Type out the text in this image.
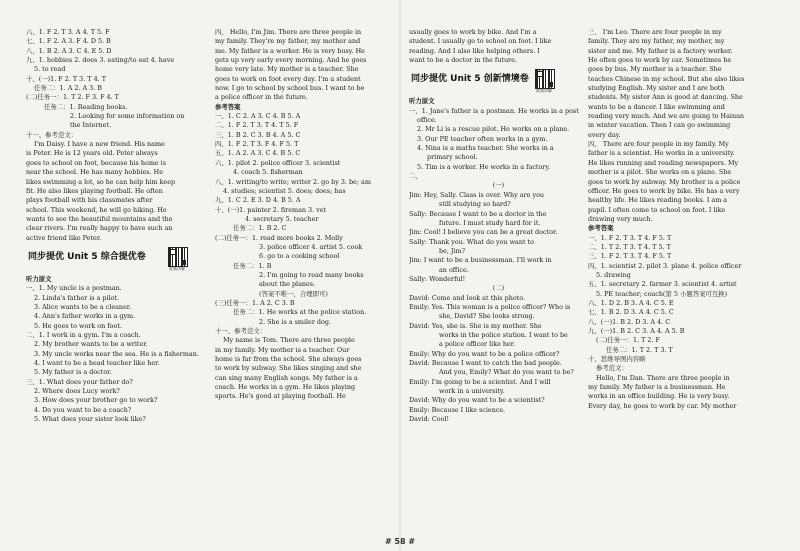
六、1. F 2. T 3. A 4. T 5. F
七、1. F 2. A 3. F 4. D 5. B
八、1. B 2. A 3. C 4. E 5. D
九、1. hobbies 2. does 3. eating/to eat 4. have
5. to read
十、(一)1. F 2. T 3. T 4. T
任务二：1. A 2. A 3. B
(二)任务一：1. T 2. F 3. F 4. T
任务二：1. Reading books.
2. Looking for some information on
the Internet.
十一、参考范文：
I'm Daisy. I have a new friend. His name
is Peter. He is 12 years old. Peter always
goes to school on foot, because his home is
near the school. He has many hobbies. He
likes swimming a lot, so he can help him keep
fit. He also likes playing football. He often
plays football with his classmates after
school. This weekend, he will go hiking. He
wants to see the beautiful mountains and the
clear rivers. I'm really happy to have such an
active friend like Peter.
同步提优 Unit 5 综合提优卷
视频讲解
听力原文
一、1. My uncle is a postman.
2. Linda's father is a pilot.
3. Alice wants to be a cleaner.
4. Ann's father works in a gym.
5. He goes to work on foot.
二、1. I work in a gym. I'm a coach.
2. My brother wants to be a writer.
3. My uncle works near the sea. He is a fisherman.
4. I want to be a head teacher like her.
5. My father is a doctor.
三、1. What does your father do?
2. Where does Lucy work?
3. How does your brother go to work?
4. Do you want to be a coach?
5. What does your sister look like?
四、 Hello, I'm Jim. There are three people in
my family. They're my father, my mother and
me. My father is a worker. He is very busy. He
gets up very early every morning. And he goes
home very late. My mother is a teacher. She
goes to work on foot every day. I'm a student
now. I go to school by school bus. I want to be
a police officer in the future.
参考答案
一、1. C 2. A 3. C 4. B 5. A
二、1. F 2. T 3. T 4. T 5. F
三、1. B 2. C 3. B 4. A 5. C
四、1. F 2. T 3. F 4. F 5. T
五、1. A 2. A 3. C 4. B 5. C
六、1. pilot 2. police officer 3. scientist
4. coach 5. fisherman
八、1. writing/to write; writer 2. go by 3. be; am
4. studies; scientist 5. does; does; has
九、1. C 2. E 3. D 4. B 5. A
十、(一)1. painter 2. fireman 3. vet
4. secretary 5. teacher
任务二：1. B 2. C
(二)任务一：1. read more books 2. Molly
3. police officer 4. artist 5. cook
6. go to a cooking school
任务二：1. B
2. I'm going to read many books
about the planes.
(答案不唯一，合理即可)
(三)任务一：1. A 2. C 3. B
任务二：1. He works at the police station.
2. She is a smiler dog.
十一、参考范文：
My name is Tom. There are three people
in my family. My mother is a teacher. Our
home is far from the school. She always goes
to work by subway. She likes singing and she
can sing many English songs. My father is a
coach. He works in a gym. He likes playing
sports. He's good at playing football. He
usually goes to work by bike. And I'm a
student. I usually go to school on foot. I like
reading. And I also like helping others. I
want to be a doctor in the future.
同步提优 Unit 5 创新情境卷
视频讲解
听力原文
一、1. Jane's father is a postman. He works in a post
office.
2. Mr Li is a rescue pilot. He works on a plane.
3. Our PE teacher often works in a gym.
4. Nina is a maths teacher. She works in a
primary school.
5. Tim is a worker. He works in a factory.
二、
(一)
Jim: Hey, Sally. Class is over. Why are you
still studying so hard?
Sally: Because I want to be a doctor in the
future. I must study hard for it.
Jim: Cool! I believe you can be a great doctor.
Sally: Thank you. What do you want to
be, Jim?
Jim: I want to be a businessman. I'll work in
an office.
Sally: Wonderful!
(二)
David: Come and look at this photo.
Emily: Yes. This woman is a police officer? Who is
she, David? She looks strong.
David: Yes, she is. She is my mother. She
works in the police station. I want to be
a police officer like her.
Emily: Why do you want to be a police officer?
David: Because I want to catch the bad people.
And you, Emily? What do you want to be?
Emily: I'm going to be a scientist. And I will
work in a university.
David: Why do you want to be a scientist?
Emily: Because I like science.
David: Cool!
三、 I'm Leo. There are four people in my
family. They are my father, my mother, my
sister and me. My father is a factory worker.
He often goes to work by car. Sometimes he
goes by bus. My mother is a teacher. She
teaches Chinese in my school. But she also likes
studying English. My sister and I are both
students. My sister Ann is good at dancing. She
wants to be a dancer. I like swimming and
reading very much. And we are going to Hainan
in winter vacation. Then I can go swimming
every day.
四、 There are four people in my family. My
father is a scientist. He works in a university.
He likes running and reading newspapers. My
mother is a pilot. She works on a plane. She
goes to work by subway. My brother is a police
officer. He goes to work by bike. He has a very
healthy life. He likes reading books. I am a
pupil. I often come to school on foot. I like
drawing very much.
参考答案
一、1. F 2. T 3. T 4. F 5. T
二、1. T 2. T 3. T 4. T 5. T
三、1. F 2. T 3. T 4. F 5. T
四、1. scientist 2. pilot 3. plane 4. police officer
5. drawing
五、1. secretary 2. farmer 3. scientist 4. artist
5. PE teacher; coach(第 5 小题答案可互换)
六、1. D 2. B 3. A 4. C 5. E
七、1. B 2. D 3. A 4. C 5. C
八、(一)1. B 2. D 3. A 4. C
九、(一)1. B 2. C 3. A 4. A 5. B
(二)任务一：1. T 2. F
任务二：1. T 2. T 3. T
十、思维导图内容略
参考范文：
Hello, I'm Dan. There are three people in
my family. My father is a businessman. He
works in an office building. He is very busy.
Every day, he goes to work by car. My mother
# 58 #
